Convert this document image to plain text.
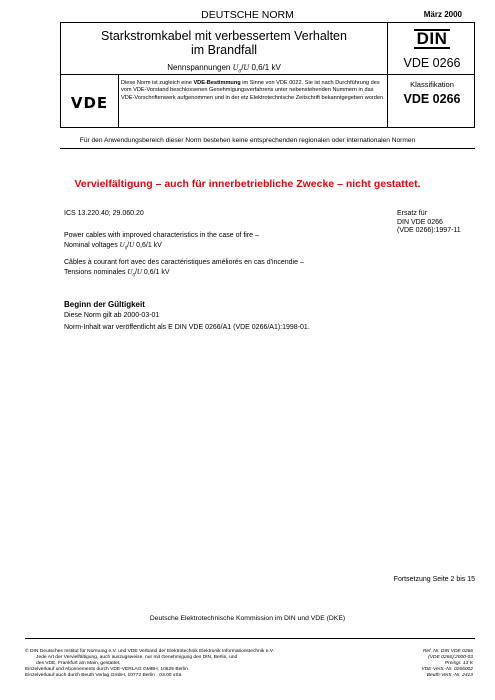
DEUTSCHE NORM	März 2000
Starkstromkabel mit verbessertem Verhalten
im Brandfall
Nennspannungen $U_0/U$ 0,6/1 kV
DIN
VDE 0266
VDE
Diese Norm ist zugleich eine VDE-Bestimmung im Sinne von VDE 0022. Sie ist nach Durchführung des vom VDE-Vorstand beschlossenen Genehmigungsverfahrens unter nebenstehenden Nummern in das VDE-Vorschriftenwerk aufgenommen und in der etz Elektrotechnische Zeitschrift bekanntgegeben worden.
Klassifikation
VDE 0266
Für den Anwendungsbereich dieser Norm bestehen keine entsprechenden regionalen oder internationalen Normen
Vervielfältigung – auch für innerbetriebliche Zwecke – nicht gestattet.
ICS 13.220.40; 29.060.20	Ersatz für
DIN VDE 0266
(VDE 0266):1997-11
Power cables with improved characteristics in the case of fire –
Nominal voltages $U_0/U$ 0,6/1 kV
Câbles à courant fort avec des caractéristiques améliorés en cas d'incendie –
Tensions nominales $U_0/U$ 0,6/1 kV
Beginn der Gültigkeit
Diese Norm gilt ab 2000-03-01
Norm-Inhalt war veröffentlicht als E DIN VDE 0266/A1 (VDE 0266/A1):1998-01.
Fortsetzung Seite 2 bis 15
Deutsche Elektrotechnische Kommission im DIN und VDE (DKE)
© DIN Deutsches Institut für Normung e.V. und VDE Verband der Elektrotechnik Elektronik Informationstechnik e.V.
Jede Art der Vervielfältigung, auch auszugsweise, nur mit Genehmigung des DIN, Berlin, und
des VDE, Frankfurt am Main, gestattet.
Einzelverkauf und Abonnements durch VDE-VERLAG GMBH, 10625 Berlin
Einzelverkauf auch durch Beuth Verlag GmbH, 10772 Berlin · 03.00 vSa
Ref. Nr. DIN VDE 0266
(VDE 0266):2000-03
Preisgr. 13 K
VDE-Vertr.-Nr. 0266002
Beuth-Vertr.-Nr. 2413
